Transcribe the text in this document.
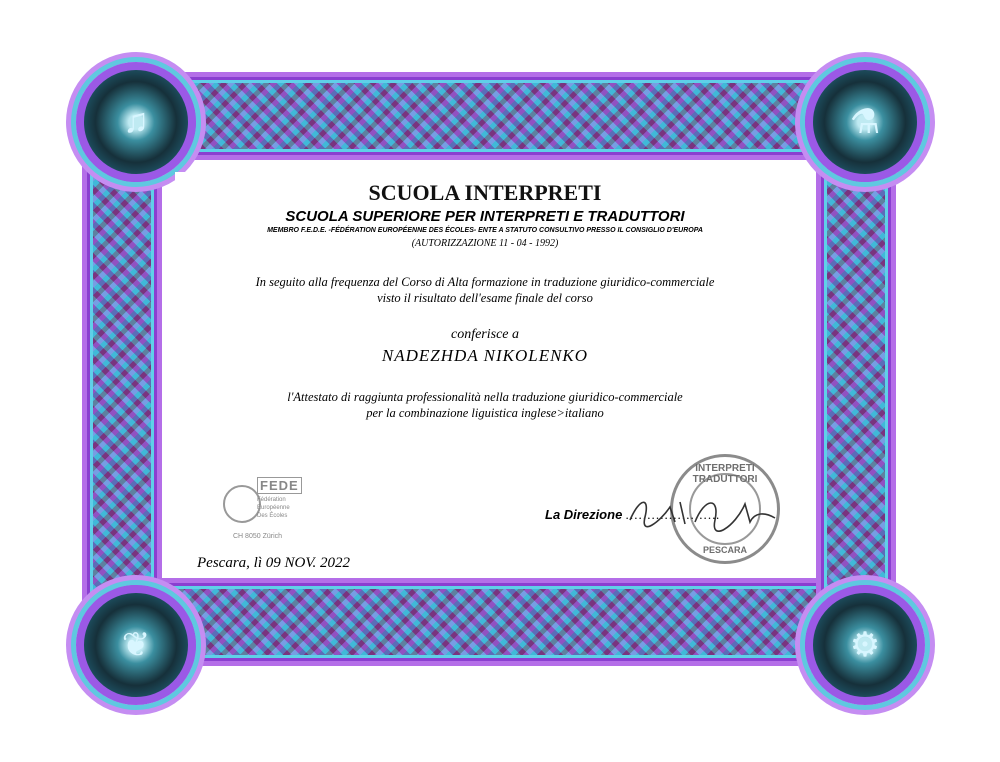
♫	⚗
❦	⚙
SCUOLA INTERPRETI
SCUOLA SUPERIORE PER INTERPRETI E TRADUTTORI
MEMBRO F.E.D.E. -FÉDÉRATION EUROPÉENNE DES ÉCOLES- ENTE A STATUTO CONSULTIVO PRESSO IL CONSIGLIO D'EUROPA
(AUTORIZZAZIONE 11 - 04 - 1992)
In seguito alla frequenza del Corso di Alta formazione in traduzione giuridico-commerciale
visto il risultato dell'esame finale del corso
conferisce a
NADEZHDA NIKOLENKO
l'Attestato di raggiunta professionalità nella traduzione giuridico-commerciale
per la combinazione liguistica inglese>italiano
FEDE
Fédération
Européenne
Des Écoles
CH 8050 Zürich
Pescara, lì 09 NOV. 2022
INTERPRETI TRADUTTORI
PESCARA
La Direzione ………………….
